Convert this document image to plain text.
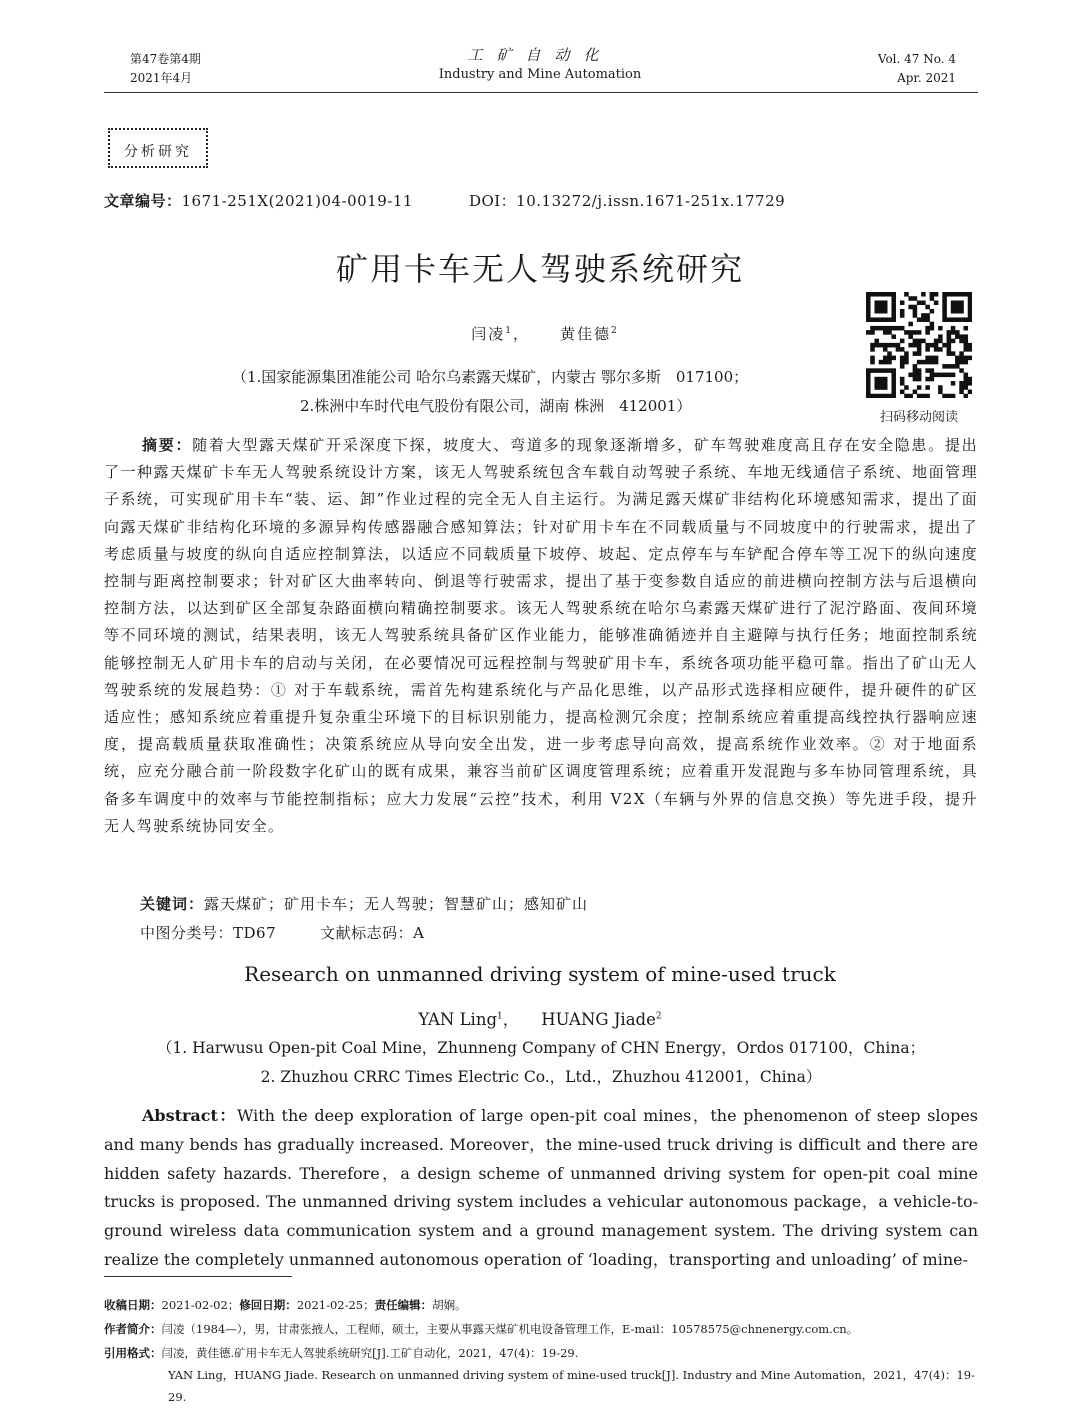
第47卷第4期
2021年4月
工矿自动化
Industry and Mine Automation
Vol. 47 No. 4
Apr. 2021
分析研究
文章编号：1671-251X(2021)04-0019-11	DOI：10.13272/j.issn.1671-251x.17729
矿用卡车无人驾驶系统研究
闫凌$^1$， 黄佳德$^2$
（1.国家能源集团准能公司 哈尔乌素露天煤矿，内蒙古 鄂尔多斯　017100；
2.株洲中车时代电气股份有限公司，湖南 株洲　412001）
扫码移动阅读
摘要：随着大型露天煤矿开采深度下探，坡度大、弯道多的现象逐渐增多，矿车驾驶难度高且存在安全隐患。提出了一种露天煤矿卡车无人驾驶系统设计方案，该无人驾驶系统包含车载自动驾驶子系统、车地无线通信子系统、地面管理子系统，可实现矿用卡车“装、运、卸”作业过程的完全无人自主运行。为满足露天煤矿非结构化环境感知需求，提出了面向露天煤矿非结构化环境的多源异构传感器融合感知算法；针对矿用卡车在不同载质量与不同坡度中的行驶需求，提出了考虑质量与坡度的纵向自适应控制算法，以适应不同载质量下坡停、坡起、定点停车与车铲配合停车等工况下的纵向速度控制与距离控制要求；针对矿区大曲率转向、倒退等行驶需求，提出了基于变参数自适应的前进横向控制方法与后退横向控制方法，以达到矿区全部复杂路面横向精确控制要求。该无人驾驶系统在哈尔乌素露天煤矿进行了泥泞路面、夜间环境等不同环境的测试，结果表明，该无人驾驶系统具备矿区作业能力，能够准确循迹并自主避障与执行任务；地面控制系统能够控制无人矿用卡车的启动与关闭，在必要情况可远程控制与驾驶矿用卡车，系统各项功能平稳可靠。指出了矿山无人驾驶系统的发展趋势：① 对于车载系统，需首先构建系统化与产品化思维，以产品形式选择相应硬件，提升硬件的矿区适应性；感知系统应着重提升复杂重尘环境下的目标识别能力，提高检测冗余度；控制系统应着重提高线控执行器响应速度，提高载质量获取准确性；决策系统应从导向安全出发，进一步考虑导向高效，提高系统作业效率。② 对于地面系统，应充分融合前一阶段数字化矿山的既有成果，兼容当前矿区调度管理系统；应着重开发混跑与多车协同管理系统，具备多车调度中的效率与节能控制指标；应大力发展“云控”技术，利用 V2X（车辆与外界的信息交换）等先进手段，提升无人驾驶系统协同安全。
关键词：露天煤矿；矿用卡车；无人驾驶；智慧矿山；感知矿山
中图分类号：TD67	文献标志码：A
Research on unmanned driving system of mine-used truck
YAN Ling$^1$， HUANG Jiade$^2$
（1. Harwusu Open-pit Coal Mine，Zhunneng Company of CHN Energy，Ordos 017100，China；
2. Zhuzhou CRRC Times Electric Co.，Ltd.，Zhuzhou 412001，China）
Abstract：With the deep exploration of large open-pit coal mines，the phenomenon of steep slopes and many bends has gradually increased. Moreover，the mine-used truck driving is difficult and there are hidden safety hazards. Therefore，a design scheme of unmanned driving system for open-pit coal mine trucks is proposed. The unmanned driving system includes a vehicular autonomous package，a vehicle-to-ground wireless data communication system and a ground management system. The driving system can realize the completely unmanned autonomous operation of ‘loading，transporting and unloading’ of mine-
收稿日期：2021-02-02；修回日期：2021-02-25；责任编辑：胡娴。
作者简介：闫凌（1984—），男，甘肃张掖人，工程师，硕士，主要从事露天煤矿机电设备管理工作，E-mail：10578575@chnenergy.com.cn。
引用格式：闫凌，黄佳德.矿用卡车无人驾驶系统研究[J].工矿自动化，2021，47(4)：19-29.
YAN Ling，HUANG Jiade. Research on unmanned driving system of mine-used truck[J]. Industry and Mine Automation，2021，47(4)：19-29.
